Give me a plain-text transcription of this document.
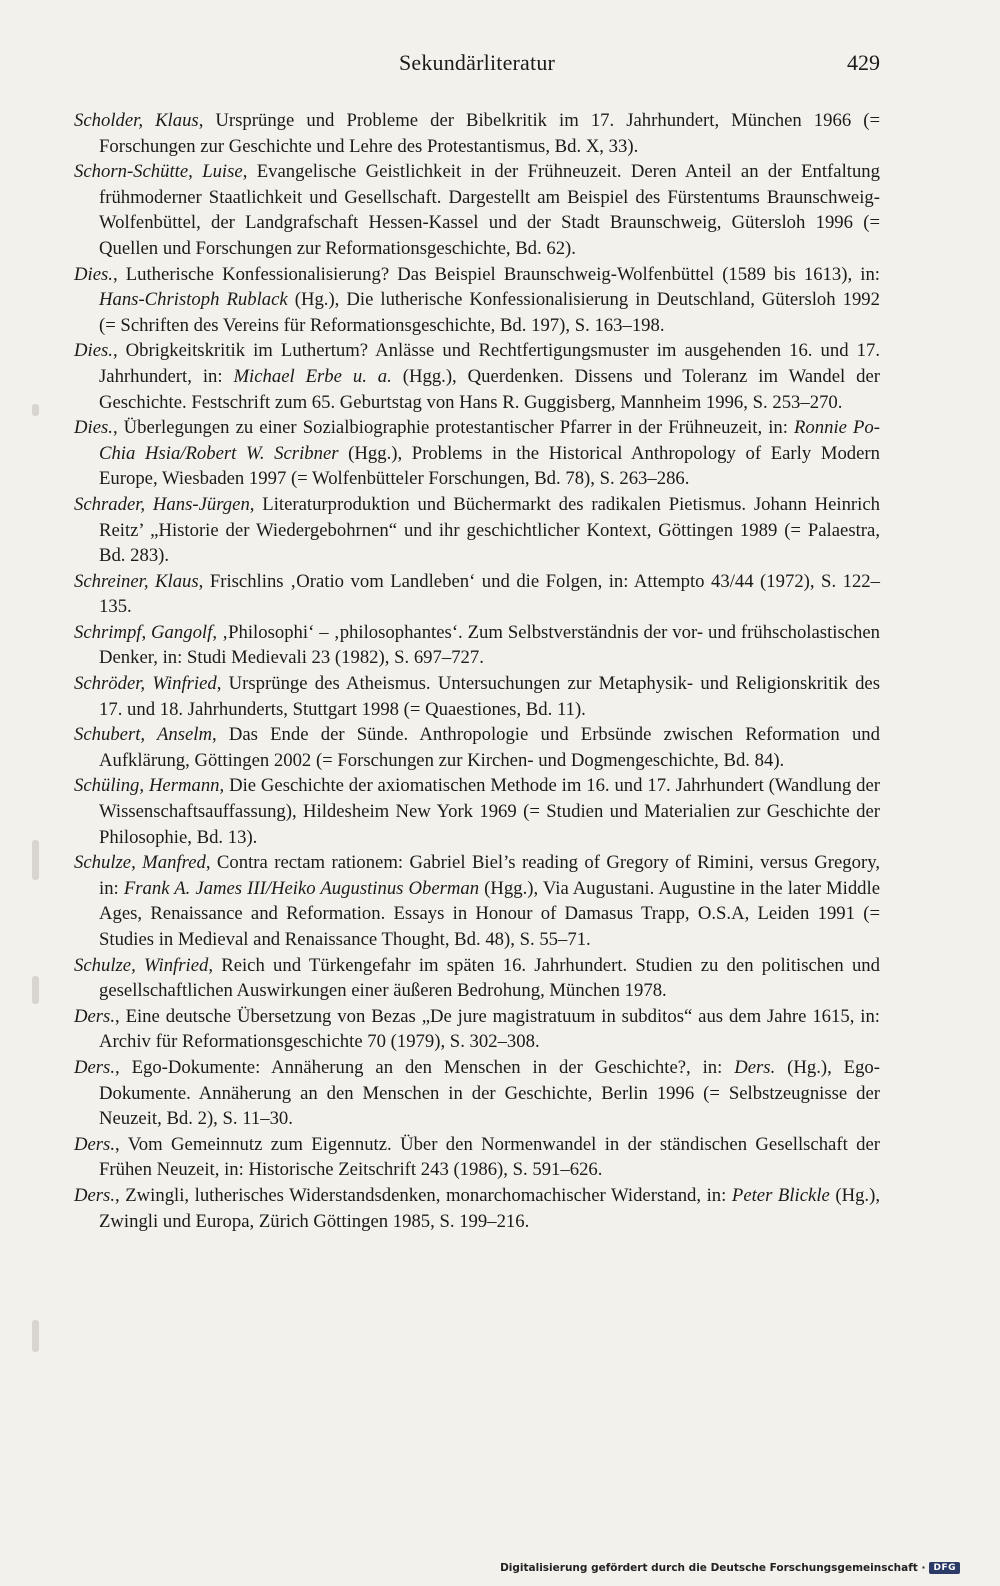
Sekundärliteratur	429
Scholder, Klaus, Ursprünge und Probleme der Bibelkritik im 17. Jahrhundert, München 1966 (= Forschungen zur Geschichte und Lehre des Protestantismus, Bd. X, 33).
Schorn-Schütte, Luise, Evangelische Geistlichkeit in der Frühneuzeit. Deren Anteil an der Entfaltung frühmoderner Staatlichkeit und Gesellschaft. Dargestellt am Beispiel des Fürstentums Braunschweig-Wolfenbüttel, der Landgrafschaft Hessen-Kassel und der Stadt Braunschweig, Gütersloh 1996 (= Quellen und Forschungen zur Reformationsgeschichte, Bd. 62).
Dies., Lutherische Konfessionalisierung? Das Beispiel Braunschweig-Wolfenbüttel (1589 bis 1613), in: Hans-Christoph Rublack (Hg.), Die lutherische Konfessionalisierung in Deutschland, Gütersloh 1992 (= Schriften des Vereins für Reformationsgeschichte, Bd. 197), S. 163–198.
Dies., Obrigkeitskritik im Luthertum? Anlässe und Rechtfertigungsmuster im ausgehenden 16. und 17. Jahrhundert, in: Michael Erbe u. a. (Hgg.), Querdenken. Dissens und Toleranz im Wandel der Geschichte. Festschrift zum 65. Geburtstag von Hans R. Guggisberg, Mannheim 1996, S. 253–270.
Dies., Überlegungen zu einer Sozialbiographie protestantischer Pfarrer in der Frühneuzeit, in: Ronnie Po-Chia Hsia/Robert W. Scribner (Hgg.), Problems in the Historical Anthropology of Early Modern Europe, Wiesbaden 1997 (= Wolfenbütteler Forschungen, Bd. 78), S. 263–286.
Schrader, Hans-Jürgen, Literaturproduktion und Büchermarkt des radikalen Pietismus. Johann Heinrich Reitz’ „Historie der Wiedergebohrnen“ und ihr geschichtlicher Kontext, Göttingen 1989 (= Palaestra, Bd. 283).
Schreiner, Klaus, Frischlins ‚Oratio vom Landleben‘ und die Folgen, in: Attempto 43/44 (1972), S. 122–135.
Schrimpf, Gangolf, ‚Philosophi‘ – ‚philosophantes‘. Zum Selbstverständnis der vor- und frühscholastischen Denker, in: Studi Medievali 23 (1982), S. 697–727.
Schröder, Winfried, Ursprünge des Atheismus. Untersuchungen zur Metaphysik- und Religionskritik des 17. und 18. Jahrhunderts, Stuttgart 1998 (= Quaestiones, Bd. 11).
Schubert, Anselm, Das Ende der Sünde. Anthropologie und Erbsünde zwischen Reformation und Aufklärung, Göttingen 2002 (= Forschungen zur Kirchen- und Dogmengeschichte, Bd. 84).
Schüling, Hermann, Die Geschichte der axiomatischen Methode im 16. und 17. Jahrhundert (Wandlung der Wissenschaftsauffassung), Hildesheim New York 1969 (= Studien und Materialien zur Geschichte der Philosophie, Bd. 13).
Schulze, Manfred, Contra rectam rationem: Gabriel Biel’s reading of Gregory of Rimini, versus Gregory, in: Frank A. James III/Heiko Augustinus Oberman (Hgg.), Via Augustani. Augustine in the later Middle Ages, Renaissance and Reformation. Essays in Honour of Damasus Trapp, O.S.A, Leiden 1991 (= Studies in Medieval and Renaissance Thought, Bd. 48), S. 55–71.
Schulze, Winfried, Reich und Türkengefahr im späten 16. Jahrhundert. Studien zu den politischen und gesellschaftlichen Auswirkungen einer äußeren Bedrohung, München 1978.
Ders., Eine deutsche Übersetzung von Bezas „De jure magistratuum in subditos“ aus dem Jahre 1615, in: Archiv für Reformationsgeschichte 70 (1979), S. 302–308.
Ders., Ego-Dokumente: Annäherung an den Menschen in der Geschichte?, in: Ders. (Hg.), Ego-Dokumente. Annäherung an den Menschen in der Geschichte, Berlin 1996 (= Selbstzeugnisse der Neuzeit, Bd. 2), S. 11–30.
Ders., Vom Gemeinnutz zum Eigennutz. Über den Normenwandel in der ständischen Gesellschaft der Frühen Neuzeit, in: Historische Zeitschrift 243 (1986), S. 591–626.
Ders., Zwingli, lutherisches Widerstandsdenken, monarchomachischer Widerstand, in: Peter Blickle (Hg.), Zwingli und Europa, Zürich Göttingen 1985, S. 199–216.
Digitalisierung gefördert durch die Deutsche Forschungsgemeinschaft · DFG
